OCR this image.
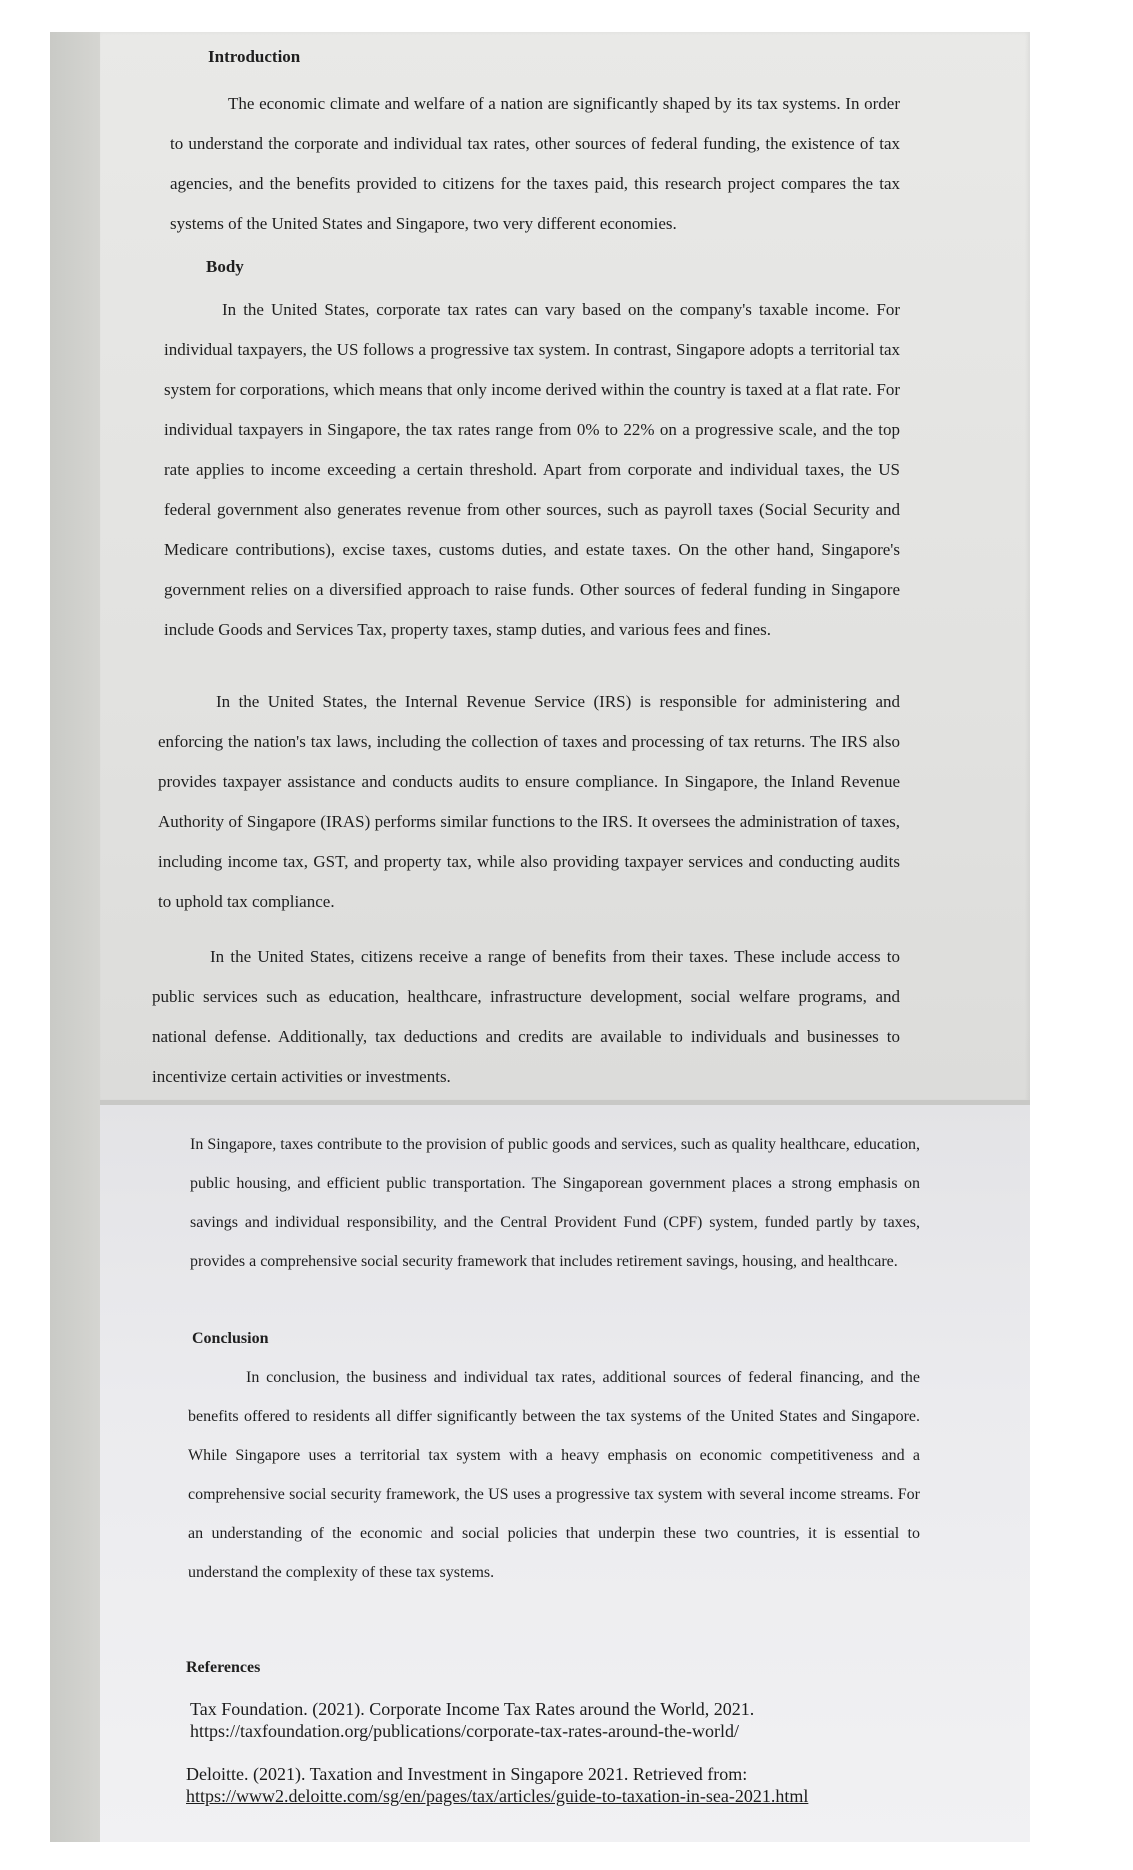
Introduction

The economic climate and welfare of a nation are significantly shaped by its tax systems. In order to understand the corporate and individual tax rates, other sources of federal funding, the existence of tax agencies, and the benefits provided to citizens for the taxes paid, this research project compares the tax systems of the United States and Singapore, two very different economies.

Body

In the United States, corporate tax rates can vary based on the company's taxable income. For individual taxpayers, the US follows a progressive tax system. In contrast, Singapore adopts a territorial tax system for corporations, which means that only income derived within the country is taxed at a flat rate. For individual taxpayers in Singapore, the tax rates range from 0% to 22% on a progressive scale, and the top rate applies to income exceeding a certain threshold. Apart from corporate and individual taxes, the US federal government also generates revenue from other sources, such as payroll taxes (Social Security and Medicare contributions), excise taxes, customs duties, and estate taxes. On the other hand, Singapore's government relies on a diversified approach to raise funds. Other sources of federal funding in Singapore include Goods and Services Tax, property taxes, stamp duties, and various fees and fines.

In the United States, the Internal Revenue Service (IRS) is responsible for administering and enforcing the nation's tax laws, including the collection of taxes and processing of tax returns. The IRS also provides taxpayer assistance and conducts audits to ensure compliance. In Singapore, the Inland Revenue Authority of Singapore (IRAS) performs similar functions to the IRS. It oversees the administration of taxes, including income tax, GST, and property tax, while also providing taxpayer services and conducting audits to uphold tax compliance.

In the United States, citizens receive a range of benefits from their taxes. These include access to public services such as education, healthcare, infrastructure development, social welfare programs, and national defense. Additionally, tax deductions and credits are available to individuals and businesses to incentivize certain activities or investments.

In Singapore, taxes contribute to the provision of public goods and services, such as quality healthcare, education, public housing, and efficient public transportation. The Singaporean government places a strong emphasis on savings and individual responsibility, and the Central Provident Fund (CPF) system, funded partly by taxes, provides a comprehensive social security framework that includes retirement savings, housing, and healthcare.

Conclusion

In conclusion, the business and individual tax rates, additional sources of federal financing, and the benefits offered to residents all differ significantly between the tax systems of the United States and Singapore. While Singapore uses a territorial tax system with a heavy emphasis on economic competitiveness and a comprehensive social security framework, the US uses a progressive tax system with several income streams. For an understanding of the economic and social policies that underpin these two countries, it is essential to understand the complexity of these tax systems.

References
Tax Foundation. (2021). Corporate Income Tax Rates around the World, 2021.
https://taxfoundation.org/publications/corporate-tax-rates-around-the-world/
Deloitte. (2021). Taxation and Investment in Singapore 2021. Retrieved from:
https://www2.deloitte.com/sg/en/pages/tax/articles/guide-to-taxation-in-sea-2021.html
